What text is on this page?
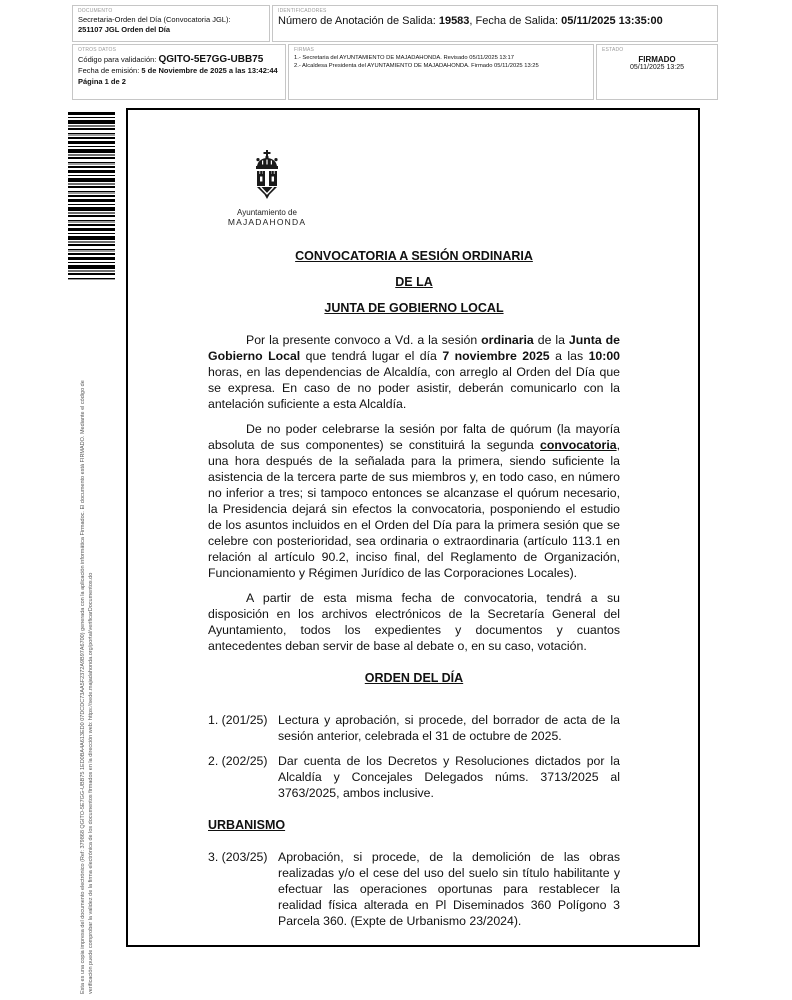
DOCUMENTO
Secretaria-Orden del Día (Convocatoria JGL):
251107 JGL Orden del Día
IDENTIFICADORES
Número de Anotación de Salida: 19583, Fecha de Salida: 05/11/2025 13:35:00
OTROS DATOS
Código para validación: QGITO-5E7GG-UBB75
Fecha de emisión: 5 de Noviembre de 2025 a las 13:42:44
Página 1 de 2
FIRMAS
1.- Secretaria del AYUNTAMIENTO DE MAJADAHONDA. Revisado 05/11/2025 13:17
2.- Alcaldesa Presidenta del AYUNTAMIENTO DE MAJADAHONDA. Firmado 05/11/2025 13:25
ESTADO
FIRMADO
05/11/2025 13:25
Esta es una copia impresa del documento electrónico (Ref: 379868 QGITO-5E7GG-UBB75 1ED0BA4A613ED0 07DCDC73AA5F2372A9B97A6700) generada con la aplicación informática Firmadoc. El documento está FIRMADO. Mediante el código de verificación puede comprobar la validez de la firma electrónica de los documentos firmados en la dirección web: https://sede.majadahonda.org/portal/verificarDocumentos.do
Ayuntamiento de
MAJADAHONDA
CONVOCATORIA A SESIÓN ORDINARIA
DE LA
JUNTA DE GOBIERNO LOCAL

Por la presente convoco a Vd. a la sesión ordinaria de la Junta de Gobierno Local que tendrá lugar el día 7 noviembre 2025 a las 10:00 horas, en las dependencias de Alcaldía, con arreglo al Orden del Día que se expresa. En caso de no poder asistir, deberán comunicarlo con la antelación suficiente a esta Alcaldía.

De no poder celebrarse la sesión por falta de quórum (la mayoría absoluta de sus componentes) se constituirá la segunda convocatoria, una hora después de la señalada para la primera, siendo suficiente la asistencia de la tercera parte de sus miembros y, en todo caso, en número no inferior a tres; si tampoco entonces se alcanzase el quórum necesario, la Presidencia dejará sin efectos la convocatoria, posponiendo el estudio de los asuntos incluidos en el Orden del Día para la primera sesión que se celebre con posterioridad, sea ordinaria o extraordinaria (artículo 113.1 en relación al artículo 90.2, inciso final, del Reglamento de Organización, Funcionamiento y Régimen Jurídico de las Corporaciones Locales).

A partir de esta misma fecha de convocatoria, tendrá a su disposición en los archivos electrónicos de la Secretaría General del Ayuntamiento, todos los expedientes y documentos y cuantos antecedentes deban servir de base al debate o, en su caso, votación.

ORDEN DEL DÍA
1. (201/25) Lectura y aprobación, si procede, del borrador de acta de la sesión anterior, celebrada el 31 de octubre de 2025.
2. (202/25) Dar cuenta de los Decretos y Resoluciones dictados por la Alcaldía y Concejales Delegados núms. 3713/2025 al 3763/2025, ambos inclusive.
URBANISMO
3. (203/25) Aprobación, si procede, de la demolición de las obras realizadas y/o el cese del uso del suelo sin título habilitante y efectuar las operaciones oportunas para restablecer la realidad física alterada en Pl Diseminados 360 Polígono 3 Parcela 360. (Expte de Urbanismo 23/2024).
